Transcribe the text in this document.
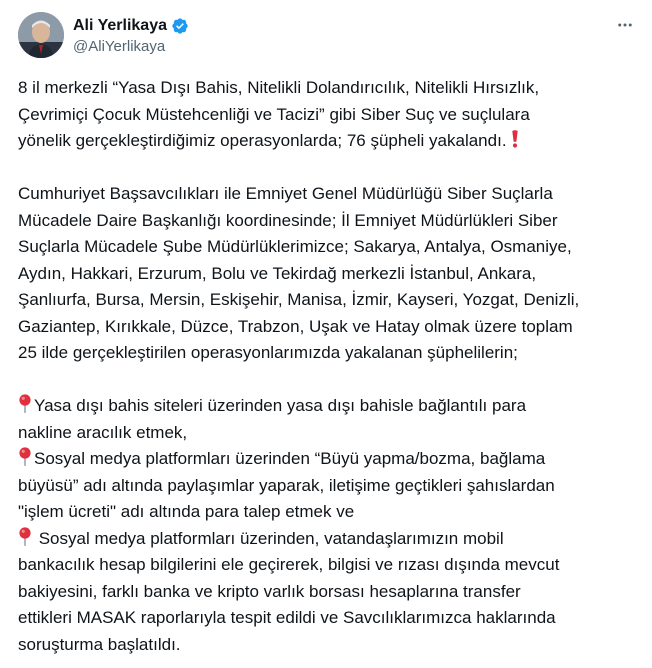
Ali Yerlikaya
@AliYerlikaya
8 il merkezli “Yasa Dışı Bahis, Nitelikli Dolandırıcılık, Nitelikli Hırsızlık,
Çevrimiçi Çocuk Müstehcenliği ve Tacizi” gibi Siber Suç ve suçlulara
yönelik gerçekleştirdiğimiz operasyonlarda; 76 şüpheli yakalandı.
Cumhuriyet Başsavcılıkları ile Emniyet Genel Müdürlüğü Siber Suçlarla
Mücadele Daire Başkanlığı koordinesinde; İl Emniyet Müdürlükleri Siber
Suçlarla Mücadele Şube Müdürlüklerimizce; Sakarya, Antalya, Osmaniye,
Aydın, Hakkari, Erzurum, Bolu ve Tekirdağ merkezli İstanbul, Ankara,
Şanlıurfa, Bursa, Mersin, Eskişehir, Manisa, İzmir, Kayseri, Yozgat, Denizli,
Gaziantep, Kırıkkale, Düzce, Trabzon, Uşak ve Hatay olmak üzere toplam
25 ilde gerçekleştirilen operasyonlarımızda yakalanan şüphelilerin;
Yasa dışı bahis siteleri üzerinden yasa dışı bahisle bağlantılı para
nakline aracılık etmek,
Sosyal medya platformları üzerinden “Büyü yapma/bozma, bağlama
büyüsü” adı altında paylaşımlar yaparak, iletişime geçtikleri şahıslardan
"işlem ücreti" adı altında para talep etmek ve
Sosyal medya platformları üzerinden, vatandaşlarımızın mobil
bankacılık hesap bilgilerini ele geçirerek, bilgisi ve rızası dışında mevcut
bakiyesini, farklı banka ve kripto varlık borsası hesaplarına transfer
ettikleri MASAK raporlarıyla tespit edildi ve Savcılıklarımızca haklarında
soruşturma başlatıldı.
